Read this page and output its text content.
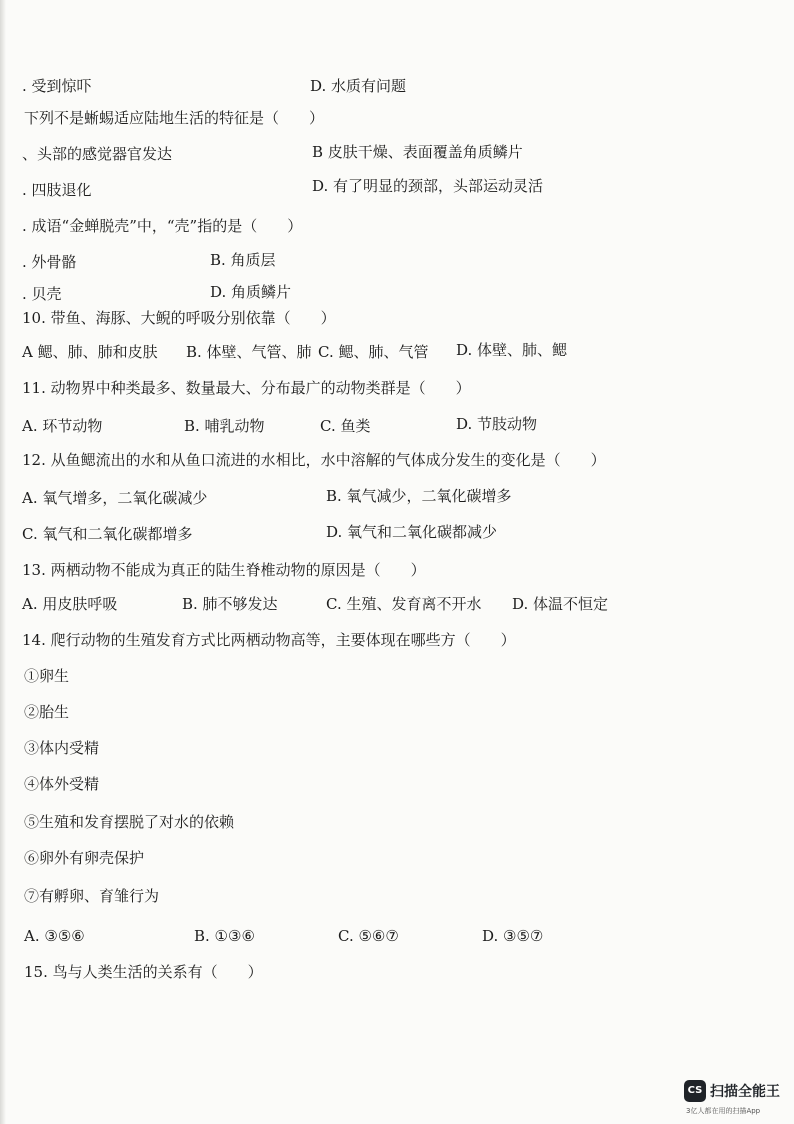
. 受到惊吓	D. 水质有问题
下列不是蜥蜴适应陆地生活的特征是（　　）
、头部的感觉器官发达	B 皮肤干燥、表面覆盖角质鳞片
. 四肢退化	D. 有了明显的颈部，头部运动灵活
. 成语“金蝉脱壳”中，“壳”指的是（　　）
. 外骨骼	B. 角质层
. 贝壳	D. 角质鳞片
10. 带鱼、海豚、大鲵的呼吸分别依靠（　　）
A 鳃、肺、肺和皮肤 B. 体壁、气管、肺 C. 鳃、肺、气管 D. 体壁、肺、鳃
11. 动物界中种类最多、数量最大、分布最广的动物类群是（　　）
A. 环节动物	B. 哺乳动物	C. 鱼类	D. 节肢动物
12. 从鱼鳃流出的水和从鱼口流进的水相比，水中溶解的气体成分发生的变化是（　　）
A. 氧气增多，二氧化碳减少	B. 氧气减少，二氧化碳增多
C. 氧气和二氧化碳都增多	D. 氧气和二氧化碳都减少
13. 两栖动物不能成为真正的陆生脊椎动物的原因是（　　）
A. 用皮肤呼吸	B. 肺不够发达	C. 生殖、发育离不开水 D. 体温不恒定
14. 爬行动物的生殖发育方式比两栖动物高等，主要体现在哪些方（　　）
①卵生
②胎生
③体内受精
④体外受精
⑤生殖和发育摆脱了对水的依赖
⑥卵外有卵壳保护
⑦有孵卵、育雏行为
A. ③⑤⑥	B. ①③⑥	C. ⑤⑥⑦	D. ③⑤⑦
15. 鸟与人类生活的关系有（　　）
CS 扫描全能王
3亿人都在用的扫描App
